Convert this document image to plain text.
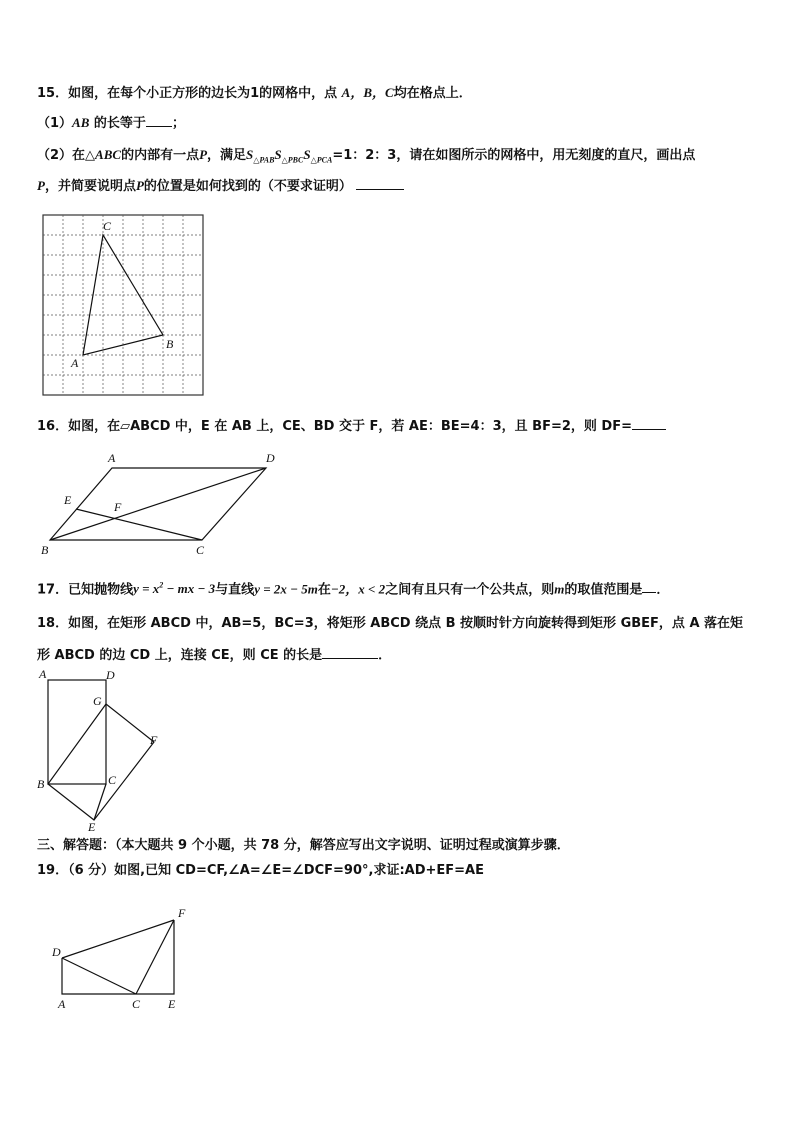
15．如图，在每个小正方形的边长为1的网格中，点 A，B，C均在格点上．
（1）AB 的长等于 ；
（2）在△ABC的内部有一点P，满足$S_{\triangle PAB}S_{\triangle PBC}S_{\triangle PCA}=1$：2：3，请在如图所示的网格中，用无刻度的直尺，画出点
P，并简要说明点P的位置是如何找到的（不要求证明）
A
B
C
16．如图，在▱ABCD 中，E 在 AB 上，CE、BD 交于 F，若 AE：BE=4：3，且 BF=2，则 DF=
A
B	C
D
E	F
17．已知抛物线$y = x^2$ − mx − 3与直线y = 2x − 5m在−2，x < 2之间有且只有一个公共点，则m的取值范围是 ．
18．如图，在矩形 ABCD 中，AB=5，BC=3，将矩形 ABCD 绕点 B 按顺时针方向旋转得到矩形 GBEF，点 A 落在矩
形 ABCD 的边 CD 上，连接 CE，则 CE 的长是	．
A
B	C
D
E
F
G
三、解答题：（本大题共 9 个小题，共 78 分，解答应写出文字说明、证明过程或演算步骤．
19．（6 分）如图,已知 CD=CF,∠A=∠E=∠DCF=90°,求证:AD+EF=AE
A	C
D
E
F
